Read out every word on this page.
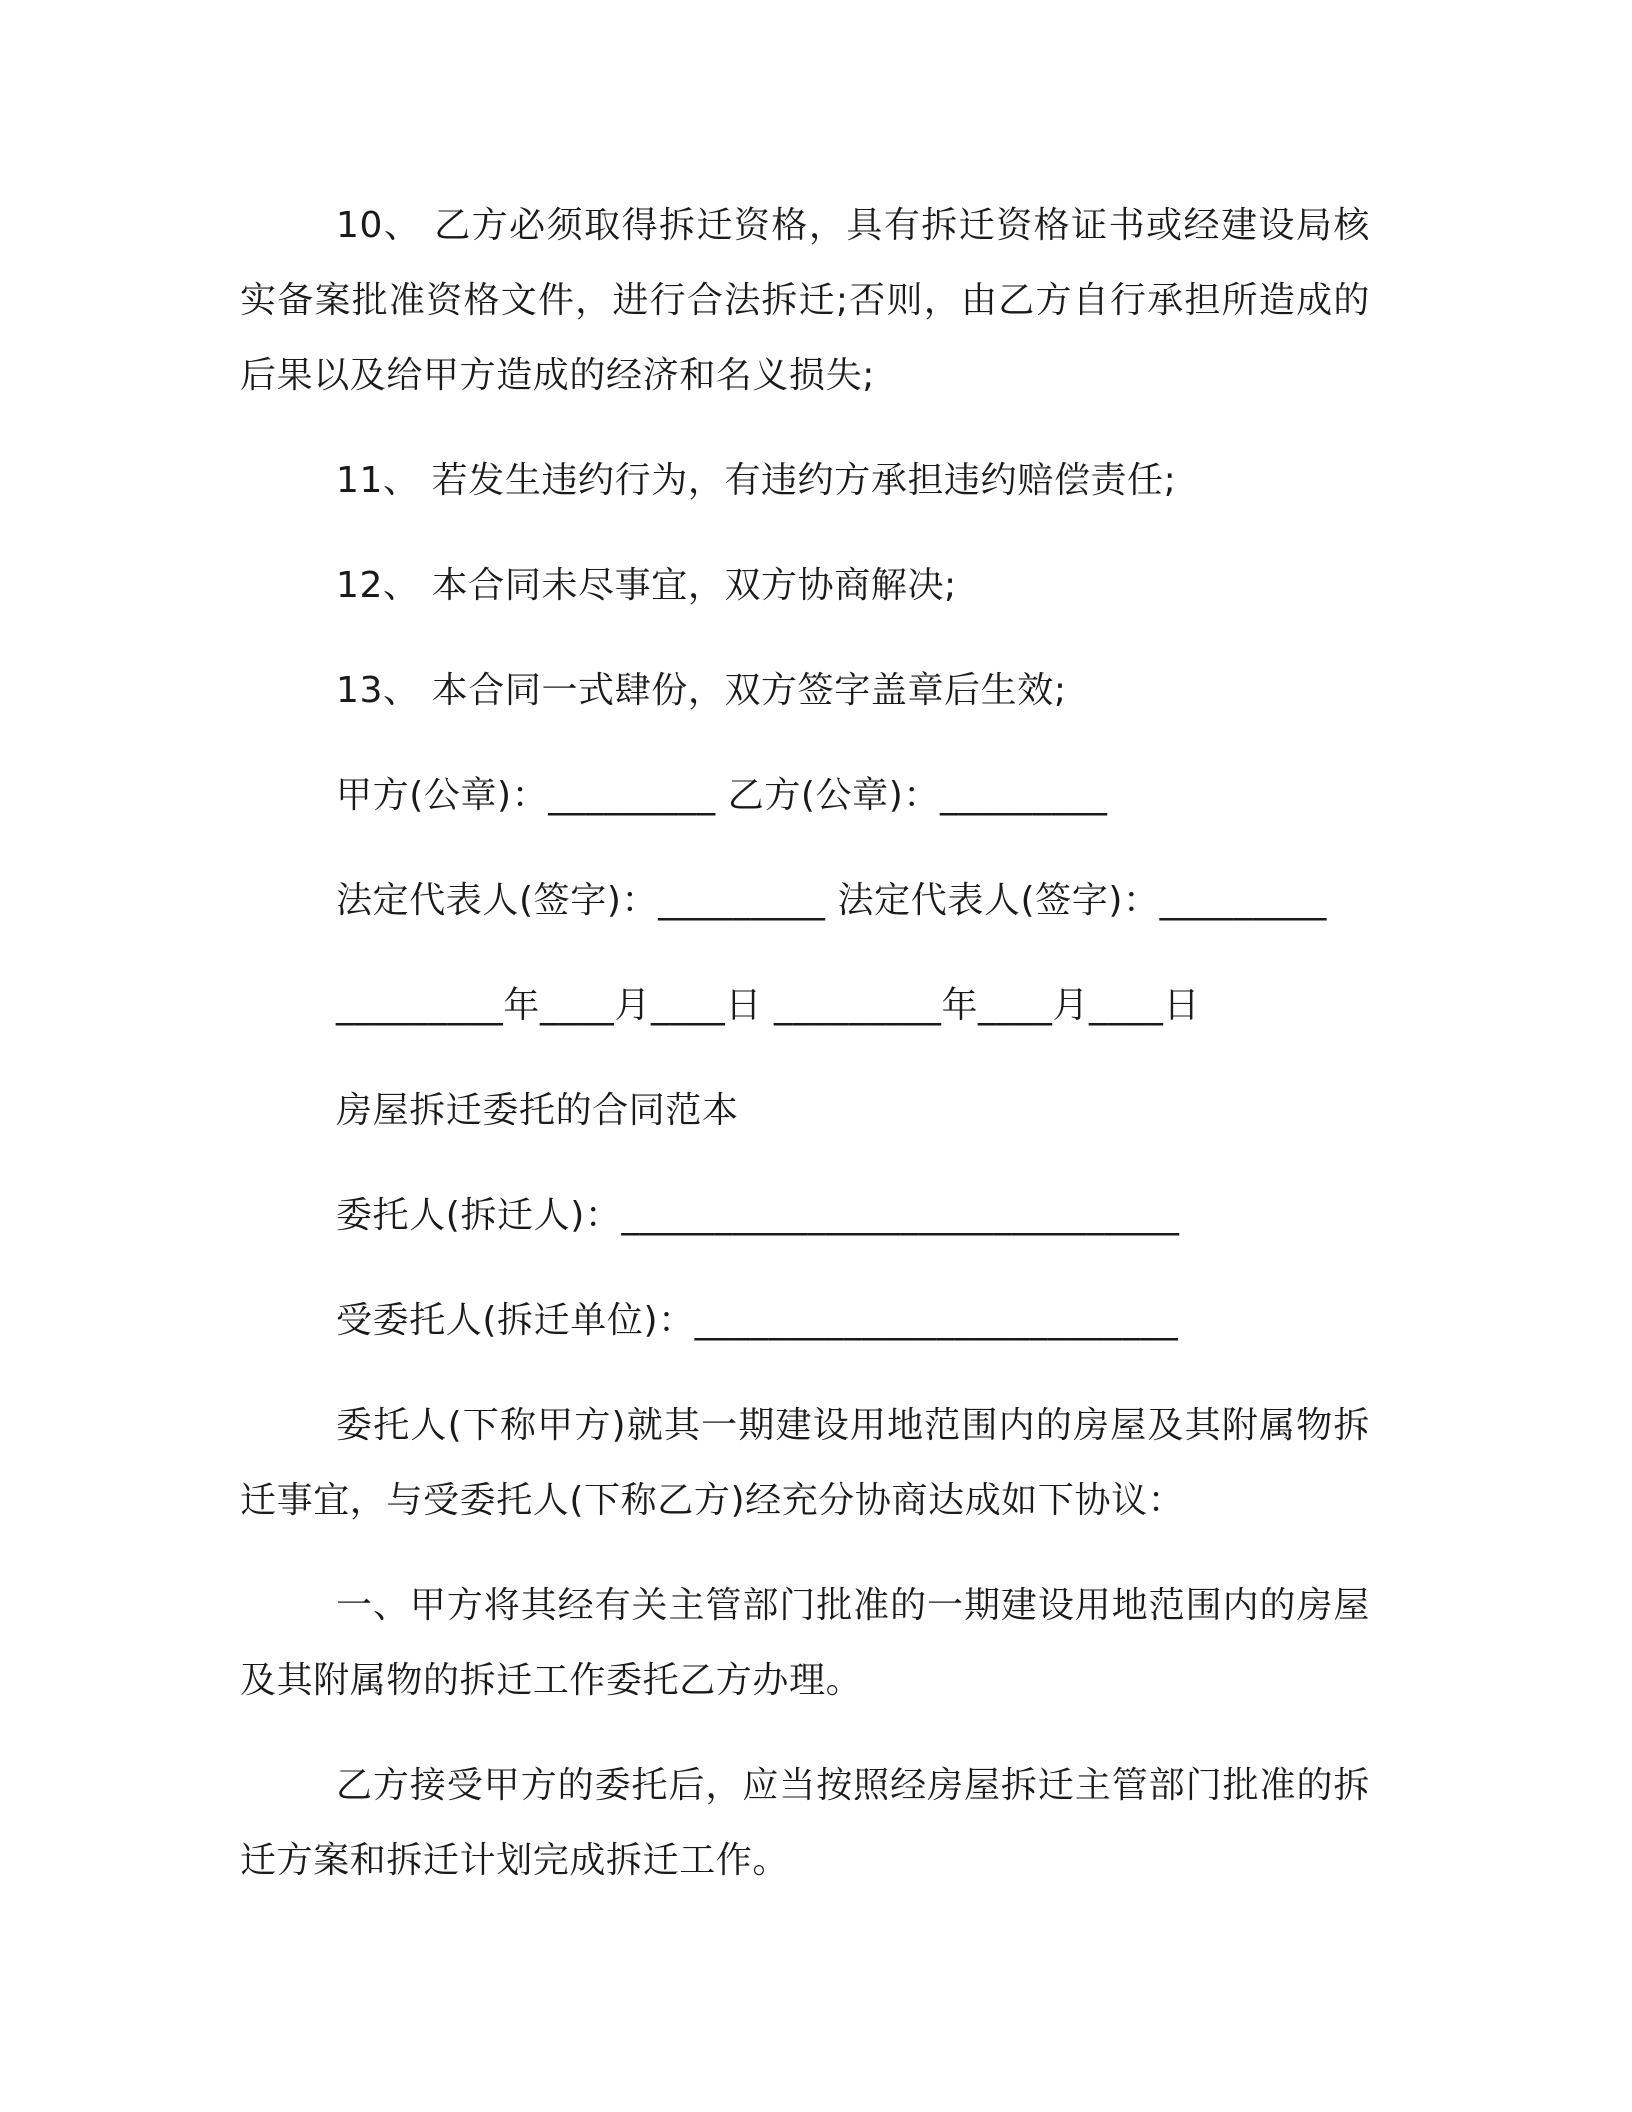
10、 乙方必须取得拆迁资格，具有拆迁资格证书或经建设局核实备案批准资格文件，进行合法拆迁;否则，由乙方自行承担所造成的后果以及给甲方造成的经济和名义损失;

11、 若发生违约行为，有违约方承担违约赔偿责任;

12、 本合同未尽事宜，双方协商解决;

13、 本合同一式肆份，双方签字盖章后生效;

甲方(公章)：_________ 乙方(公章)：_________

法定代表人(签字)：_________ 法定代表人(签字)：_________

_________年____月____日 _________年____月____日

房屋拆迁委托的合同范本

委托人(拆迁人)：______________________________

受委托人(拆迁单位)：__________________________

委托人(下称甲方)就其一期建设用地范围内的房屋及其附属物拆迁事宜，与受委托人(下称乙方)经充分协商达成如下协议：

一、甲方将其经有关主管部门批准的一期建设用地范围内的房屋及其附属物的拆迁工作委托乙方办理。

乙方接受甲方的委托后，应当按照经房屋拆迁主管部门批准的拆迁方案和拆迁计划完成拆迁工作。
